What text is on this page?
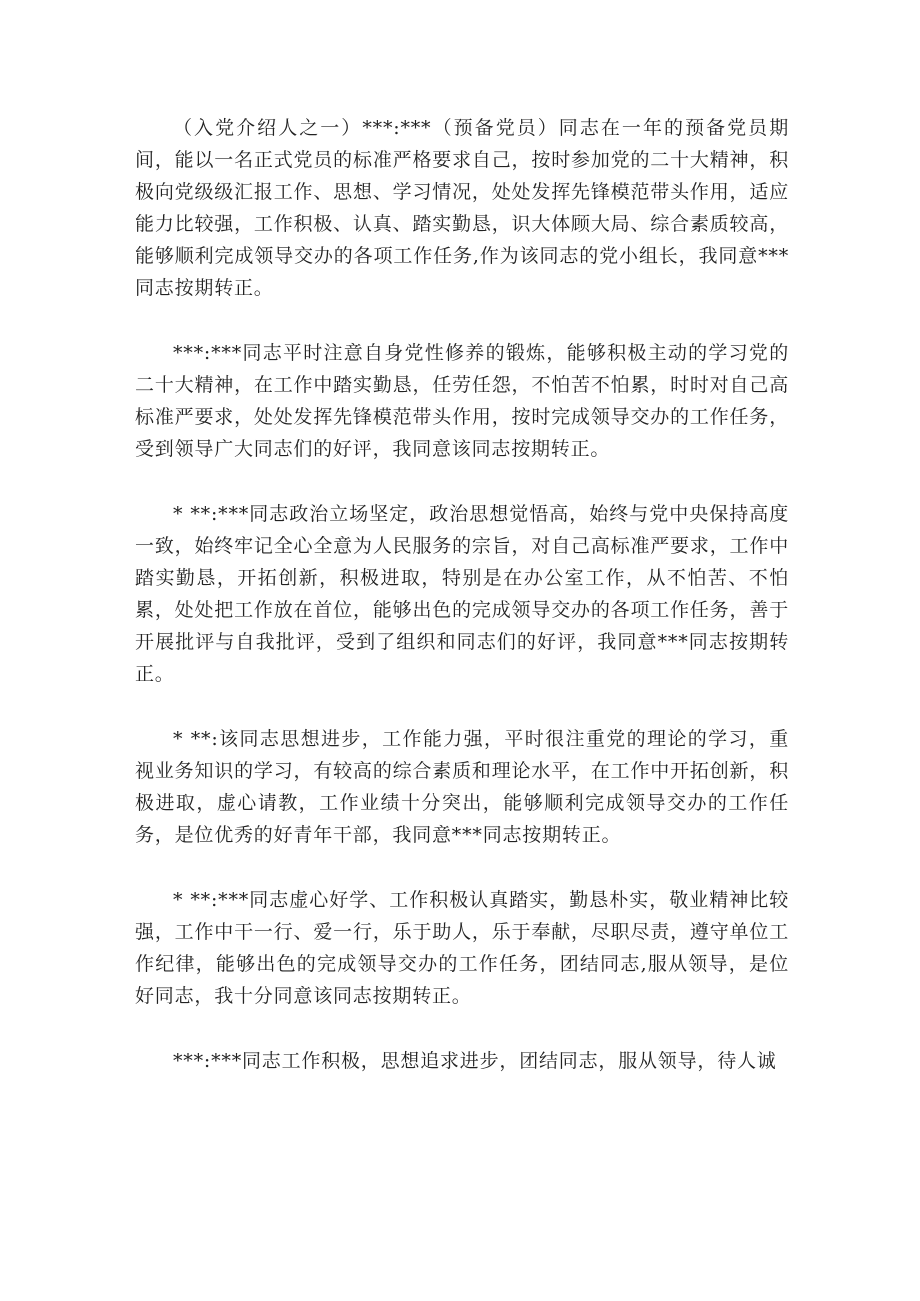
（入党介绍人之一）***:***（预备党员）同志在一年的预备党员期间，能以一名正式党员的标准严格要求自己，按时参加党的二十大精神，积极向党级级汇报工作、思想、学习情况，处处发挥先锋模范带头作用，适应能力比较强，工作积极、认真、踏实勤恳，识大体顾大局、综合素质较高，能够顺利完成领导交办的各项工作任务,作为该同志的党小组长，我同意***同志按期转正。

***:***同志平时注意自身党性修养的锻炼，能够积极主动的学习党的二十大精神，在工作中踏实勤恳，任劳任怨，不怕苦不怕累，时时对自己高标准严要求，处处发挥先锋模范带头作用，按时完成领导交办的工作任务，受到领导广大同志们的好评，我同意该同志按期转正。

* **:***同志政治立场坚定，政治思想觉悟高，始终与党中央保持高度一致，始终牢记全心全意为人民服务的宗旨，对自己高标准严要求，工作中踏实勤恳，开拓创新，积极进取，特别是在办公室工作，从不怕苦、不怕累，处处把工作放在首位，能够出色的完成领导交办的各项工作任务，善于开展批评与自我批评，受到了组织和同志们的好评，我同意***同志按期转正。

* **:该同志思想进步，工作能力强，平时很注重党的理论的学习，重视业务知识的学习，有较高的综合素质和理论水平，在工作中开拓创新，积极进取，虚心请教，工作业绩十分突出，能够顺利完成领导交办的工作任务，是位优秀的好青年干部，我同意***同志按期转正。

* **:***同志虚心好学、工作积极认真踏实，勤恳朴实，敬业精神比较强，工作中干一行、爱一行，乐于助人，乐于奉献，尽职尽责，遵守单位工作纪律，能够出色的完成领导交办的工作任务，团结同志,服从领导，是位好同志，我十分同意该同志按期转正。

***:***同志工作积极，思想追求进步，团结同志，服从领导，待人诚
